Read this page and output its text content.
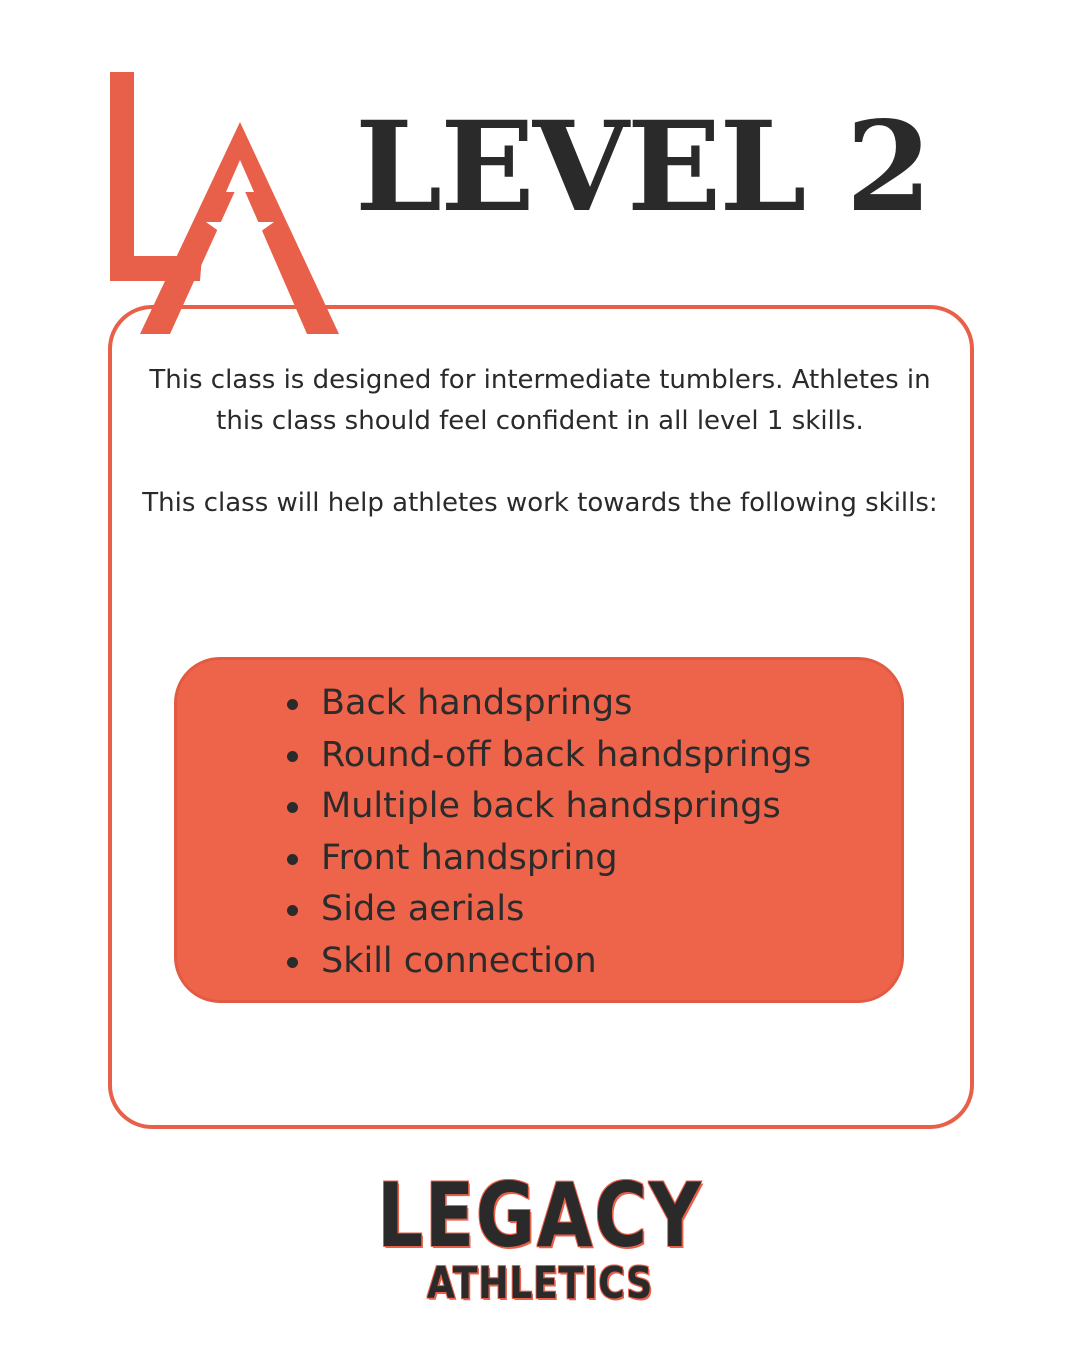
LEVEL 2

This class is designed for intermediate tumblers. Athletes in this class should feel confident in all level 1 skills.

This class will help athletes work towards the following skills:

Back handsprings
Round-off back handsprings
Multiple back handsprings
Front handspring
Side aerials
Skill connection
LEGACY
ATHLETICS
